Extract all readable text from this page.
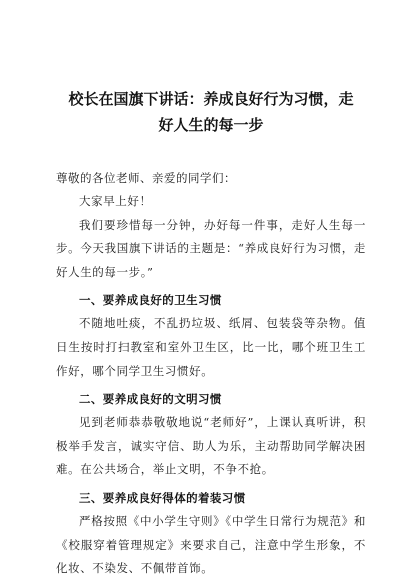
校长在国旗下讲话：养成良好行为习惯，走好人生的每一步

尊敬的各位老师、亲爱的同学们：

大家早上好！

我们要珍惜每一分钟，办好每一件事，走好人生每一步。今天我国旗下讲话的主题是：“养成良好行为习惯，走好人生的每一步。”

一、要养成良好的卫生习惯

不随地吐痰，不乱扔垃圾、纸屑、包装袋等杂物。值日生按时打扫教室和室外卫生区，比一比，哪个班卫生工作好，哪个同学卫生习惯好。

二、要养成良好的文明习惯

见到老师恭恭敬敬地说“老师好”，上课认真听讲，积极举手发言，诚实守信、助人为乐，主动帮助同学解决困难。在公共场合，举止文明，不争不抢。

三、要养成良好得体的着装习惯

严格按照《中小学生守则》《中学生日常行为规范》和《校服穿着管理规定》来要求自己，注意中学生形象，不化妆、不染发、不佩带首饰。
